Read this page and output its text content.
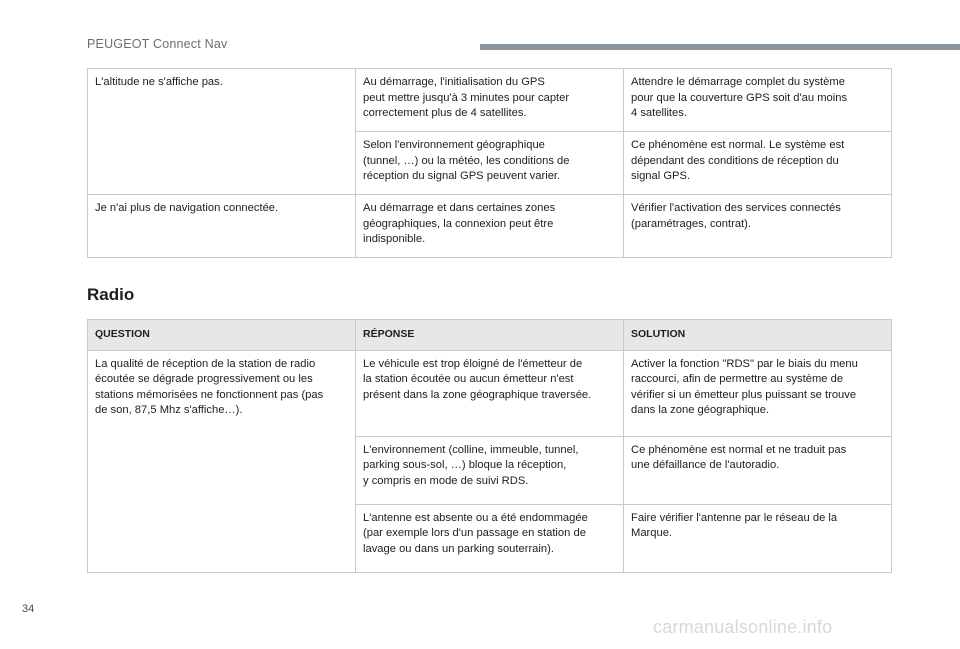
PEUGEOT Connect Nav
L'altitude ne s'affiche pas.	Au démarrage, l'initialisation du GPS
peut mettre jusqu'à 3 minutes pour capter
correctement plus de 4 satellites.	Attendre le démarrage complet du système
pour que la couverture GPS soit d'au moins
4 satellites.
	Selon l'environnement géographique
(tunnel, …) ou la météo, les conditions de
réception du signal GPS peuvent varier.	Ce phénomène est normal. Le système est
dépendant des conditions de réception du
signal GPS.
Je n'ai plus de navigation connectée.	Au démarrage et dans certaines zones
géographiques, la connexion peut être
indisponible.	Vérifier l'activation des services connectés
(paramétrages, contrat).
Radio
QUESTION	RÉPONSE	SOLUTION
La qualité de réception de la station de radio
écoutée se dégrade progressivement ou les
stations mémorisées ne fonctionnent pas (pas
de son, 87,5 Mhz s'affiche…).	Le véhicule est trop éloigné de l'émetteur de
la station écoutée ou aucun émetteur n'est
présent dans la zone géographique traversée.	Activer la fonction "RDS" par le biais du menu
raccourci, afin de permettre au système de
vérifier si un émetteur plus puissant se trouve
dans la zone géographique.
	L'environnement (colline, immeuble, tunnel,
parking sous-sol, …) bloque la réception,
y compris en mode de suivi RDS.	Ce phénomène est normal et ne traduit pas
une défaillance de l'autoradio.
	L'antenne est absente ou a été endommagée
(par exemple lors d'un passage en station de
lavage ou dans un parking souterrain).	Faire vérifier l'antenne par le réseau de la
Marque.
34
carmanualsonline.info
